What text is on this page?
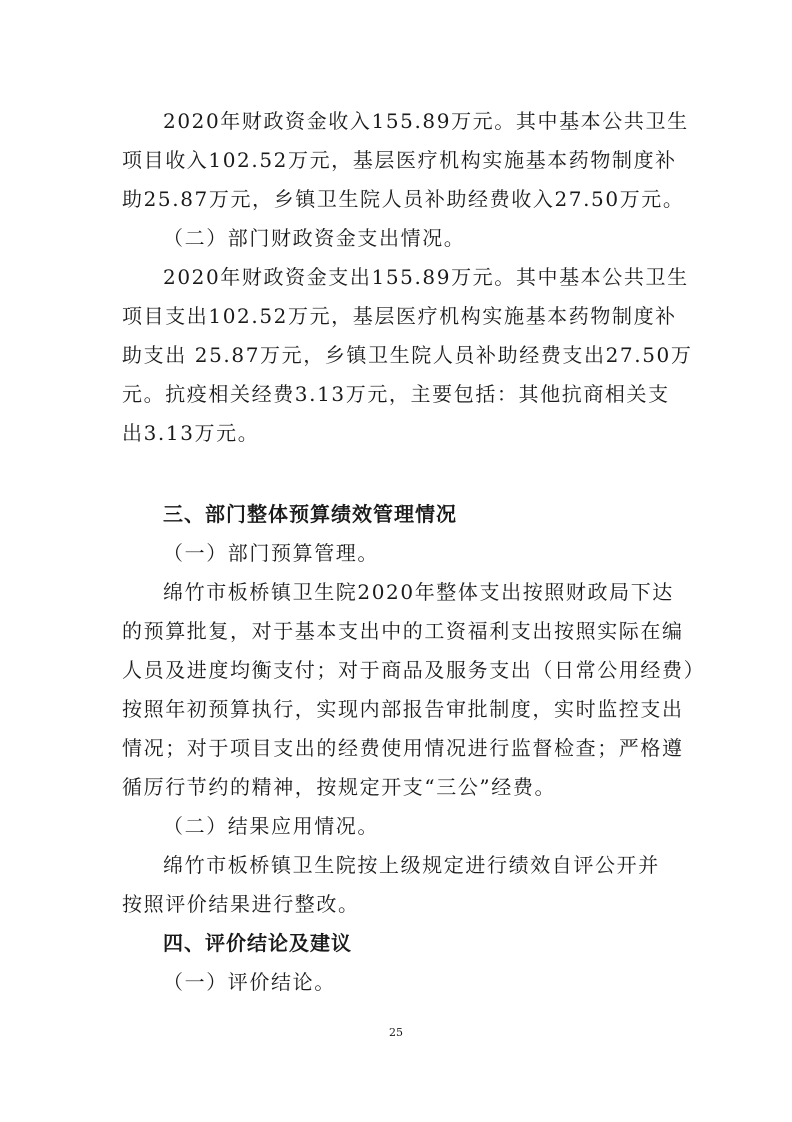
2020年财政资金收入155.89万元。其中基本公共卫生
项目收入102.52万元，基层医疗机构实施基本药物制度补
助25.87万元，乡镇卫生院人员补助经费收入27.50万元。
（二）部门财政资金支出情况。
2020年财政资金支出155.89万元。其中基本公共卫生
项目支出102.52万元，基层医疗机构实施基本药物制度补
助支出 25.87万元，乡镇卫生院人员补助经费支出27.50万
元。抗疫相关经费3.13万元，主要包括：其他抗商相关支
出3.13万元。
三、部门整体预算绩效管理情况
（一）部门预算管理。
绵竹市板桥镇卫生院2020年整体支出按照财政局下达
的预算批复，对于基本支出中的工资福利支出按照实际在编
人员及进度均衡支付；对于商品及服务支出（日常公用经费）
按照年初预算执行，实现内部报告审批制度，实时监控支出
情况；对于项目支出的经费使用情况进行监督检查；严格遵
循厉行节约的精神，按规定开支“三公”经费。
（二）结果应用情况。
绵竹市板桥镇卫生院按上级规定进行绩效自评公开并
按照评价结果进行整改。
四、评价结论及建议
（一）评价结论。
25
